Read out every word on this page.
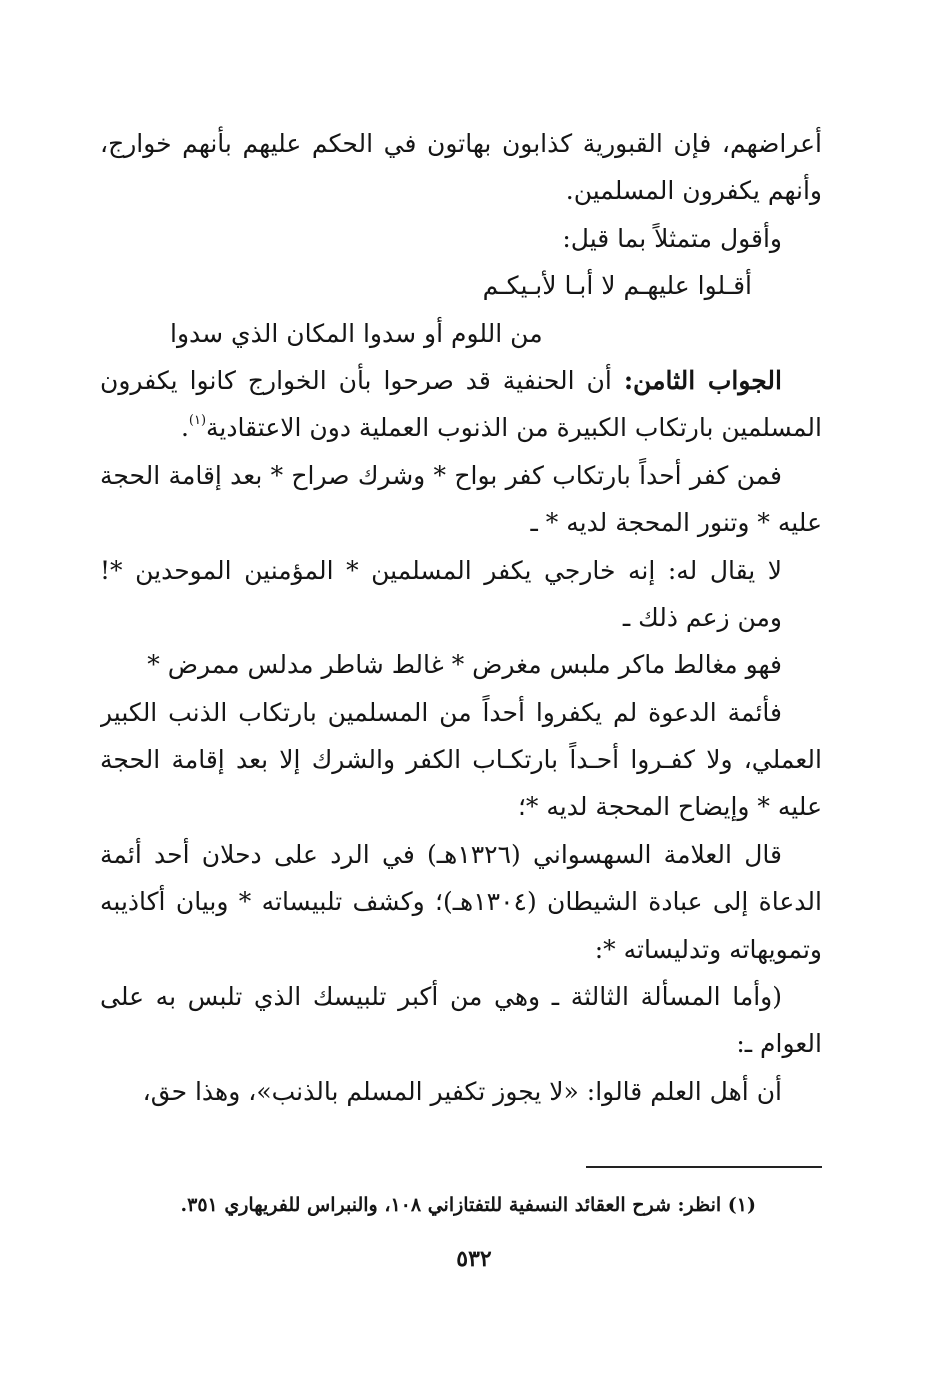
أعراضهم، فإن القبورية كذابون بهاتون في الحكم عليهم بأنهم خوارج،
وأنهم يكفرون المسلمين.
وأقول متمثلاً بما قيل:
أقـلوا عليهـم لا أبـا لأبـيكـم
من اللوم أو سدوا المكان الذي سدوا
الجواب الثامن: أن الحنفية قد صرحوا بأن الخوارج كانوا يكفرون
المسلمين بارتكاب الكبيرة من الذنوب العملية دون الاعتقادية$^{(١)}$.
فمن كفر أحداً بارتكاب كفر بواح * وشرك صراح * بعد إقامة الحجة
عليه * وتنور المحجة لديه * ـ
لا يقال له: إنه خارجي يكفر المسلمين * المؤمنين الموحدين *!
ومن زعم ذلك ـ
فهو مغالط ماكر ملبس مغرض * غالط شاطر مدلس ممرض *
فأئمة الدعوة لم يكفروا أحداً من المسلمين بارتكاب الذنب الكبير
العملي، ولا كفـروا أحـداً بارتكـاب الكفر والشرك إلا بعد إقامة الحجة
عليه * وإيضاح المحجة لديه *؛
قال العلامة السهسواني (١٣٢٦هـ) في الرد على دحلان أحد أئمة
الدعاة إلى عبادة الشيطان (١٣٠٤هـ)؛ وكشف تلبيساته * وبيان أكاذيبه
وتمويهاته وتدليساته *:
(وأما المسألة الثالثة ـ وهي من أكبر تلبيسك الذي تلبس به على
العوام ـ:
أن أهل العلم قالوا: «لا يجوز تكفير المسلم بالذنب»، وهذا حق،
(١) انظر: شرح العقائد النسفية للتفتازاني ١٠٨، والنبراس للفريهاري ٣٥١.
٥٣٢
